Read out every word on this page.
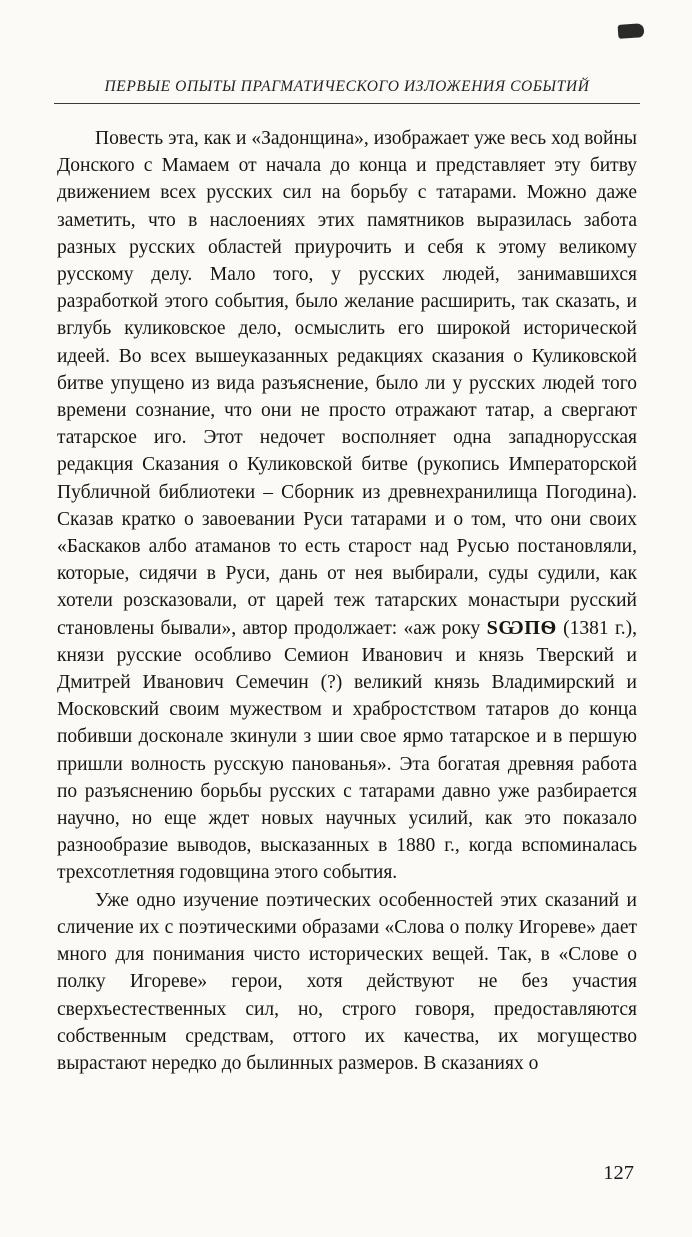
ПЕРВЫЕ ОПЫТЫ ПРАГМАТИЧЕСКОГО ИЗЛОЖЕНИЯ СОБЫТИЙ

Повесть эта, как и «Задонщина», изображает уже весь ход войны Донского с Мамаем от начала до конца и представляет эту битву движением всех русских сил на борьбу с татарами. Можно даже заметить, что в наслоениях этих памятников выразилась забота разных русских областей приурочить и себя к этому великому русскому делу. Мало того, у русских людей, занимавшихся разработкой этого события, было желание расширить, так сказать, и вглубь куликовское дело, осмыслить его широкой исторической идеей. Во всех вышеуказанных редакциях сказания о Куликовской битве упущено из вида разъяснение, было ли у русских людей того времени сознание, что они не просто отражают татар, а свергают татарское иго. Этот недочет восполняет одна западнорусская редакция Сказания о Куликовской битве (рукопись Императорской Публичной библиотеки – Сборник из древнехранилища Погодина). Сказав кратко о завоевании Руси татарами и о том, что они своих «Баскаков албо атаманов то есть старост над Русью постановляли, которые, сидячи в Руси, дань от нея выбирали, суды судили, как хотели розсказовали, от царей теж татарских монастыри русский становлены бывали», автор продолжает: «аж року ЅѠПѲ (1381 г.), князи русские особливо Семион Иванович и князь Тверский и Дмитрей Иванович Семечин (?) великий князь Владимирский и Московский своим мужеством и храбростством татаров до конца побивши досконале зкинули з шии свое ярмо татарское и в першую пришли волность русскую панованья». Эта богатая древняя работа по разъяснению борьбы русских с татарами давно уже разбирается научно, но еще ждет новых научных усилий, как это показало разнообразие выводов, высказанных в 1880 г., когда вспоминалась трехсотлетняя годовщина этого события.

Уже одно изучение поэтических особенностей этих сказаний и сличение их с поэтическими образами «Слова о полку Игореве» дает много для понимания чисто исторических вещей. Так, в «Слове о полку Игореве» герои, хотя действуют не без участия сверхъестественных сил, но, строго говоря, предоставляются собственным средствам, оттого их качества, их могущество вырастают нередко до былинных размеров. В сказаниях о

127
